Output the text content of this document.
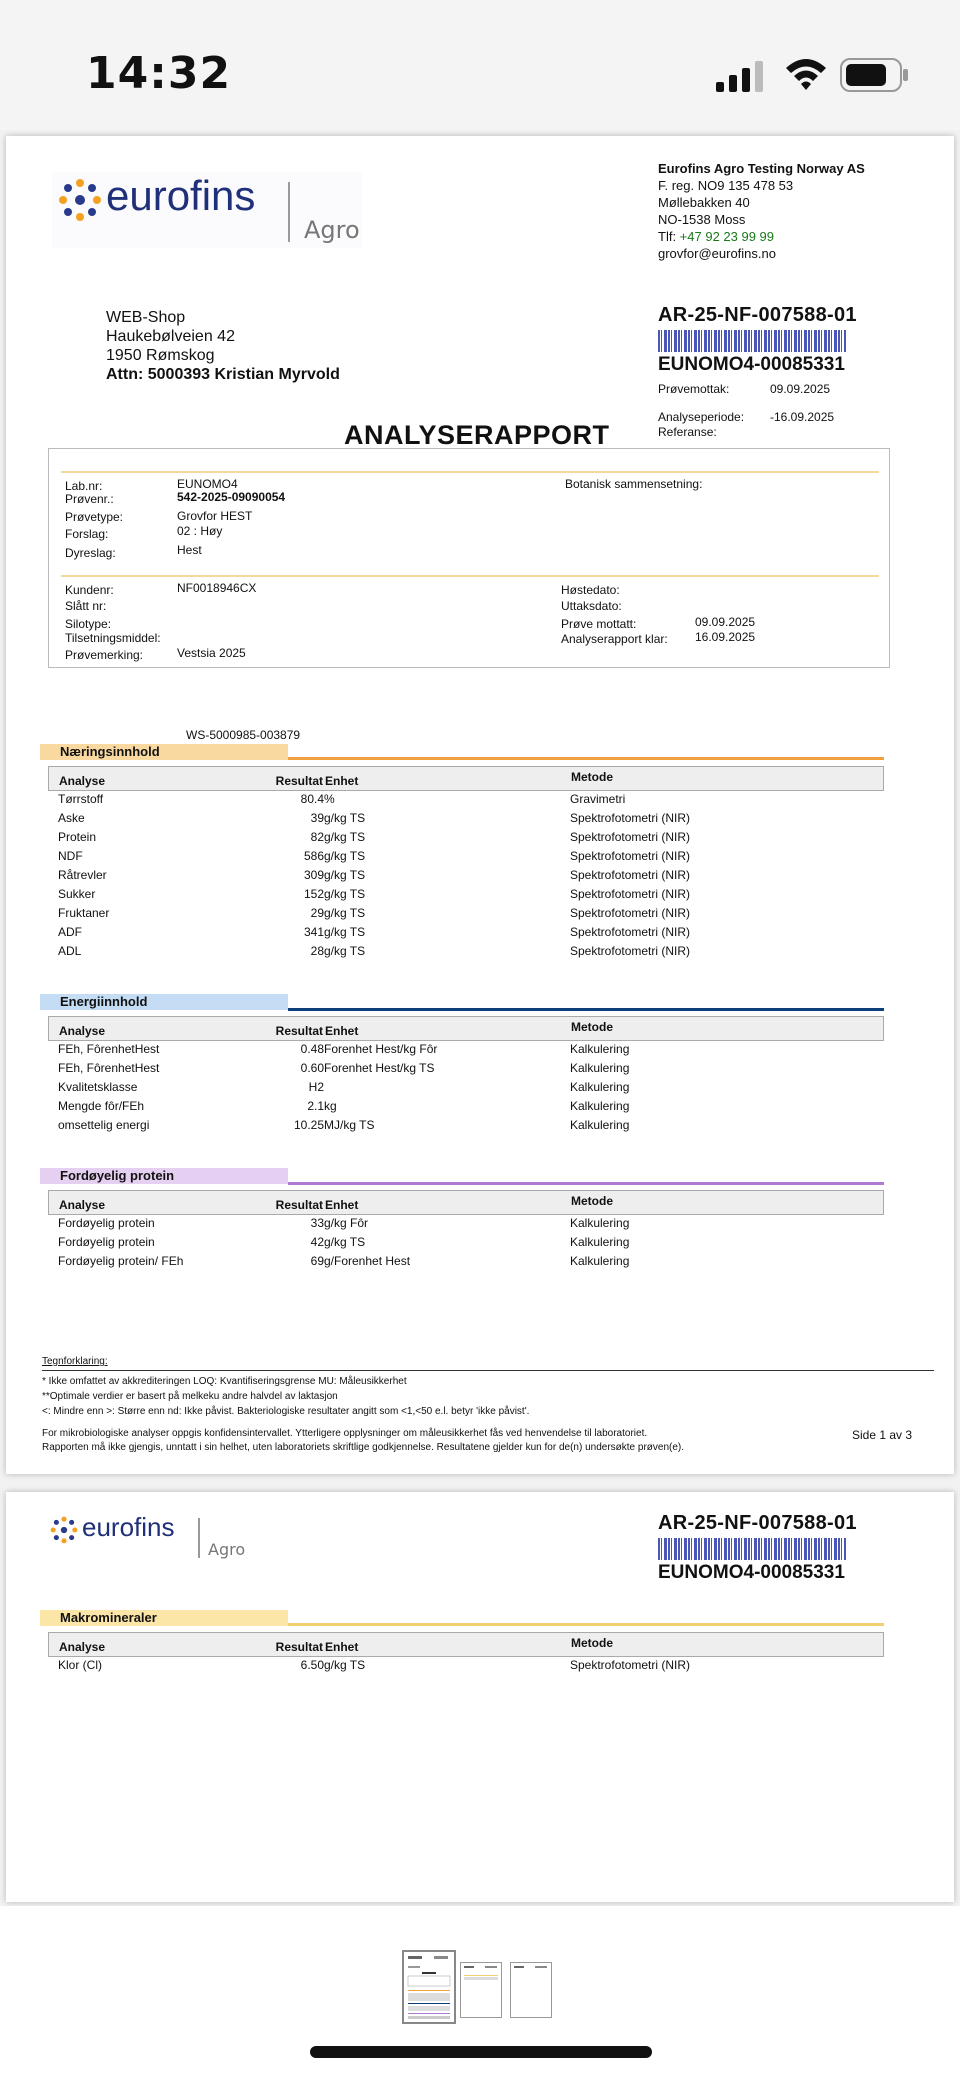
14:32
eurofins
Agro
Eurofins Agro Testing Norway AS
F. reg. NO9 135 478 53
Møllebakken 40
NO-1538 Moss
Tlf: +47 92 23 99 99
grovfor@eurofins.no
WEB-Shop
Haukebølveien 42
1950 Rømskog
Attn: 5000393 Kristian Myrvold
AR-25-NF-007588-01
EUNOMO4-00085331
Prøvemottak:	09.09.2025
Analyseperiode: -16.09.2025
Referanse:
ANALYSERAPPORT
Lab.nr:	EUNOMO4
Prøvenr.:	542-2025-09090054
Prøvetype:	Grovfor HEST
Forslag:	02 : Høy
Dyreslag:	Hest
Botanisk sammensetning:
Kundenr:	NF0018946CX
Slått nr:
Silotype:
Tilsetningsmiddel:
Prøvemerking:	Vestsia 2025
Høstedato:
Uttaksdato:
Prøve mottatt:	09.09.2025
Analyserapport klar: 16.09.2025
WS-5000985-003879
Næringsinnhold
Analyse	Resultat Enhet	Metode
Tørrstoff	80.4 %	Gravimetri
Aske	39 g/kg TS	Spektrofotometri (NIR)
Protein	82 g/kg TS	Spektrofotometri (NIR)
NDF	586 g/kg TS	Spektrofotometri (NIR)
Råtrevler	309 g/kg TS	Spektrofotometri (NIR)
Sukker	152 g/kg TS	Spektrofotometri (NIR)
Fruktaner	29 g/kg TS	Spektrofotometri (NIR)
ADF	341 g/kg TS	Spektrofotometri (NIR)
ADL	28 g/kg TS	Spektrofotometri (NIR)
Energiinnhold
Analyse	Resultat Enhet	Metode
FEh, FôrenhetHest	0.48 Forenhet Hest/kg Fôr	Kalkulering
FEh, FôrenhetHest	0.60 Forenhet Hest/kg TS	Kalkulering
Kvalitetsklasse	H2	Kalkulering
Mengde fôr/FEh	2.1 kg	Kalkulering
omsettelig energi	10.25 MJ/kg TS	Kalkulering
Fordøyelig protein
Analyse	Resultat Enhet	Metode
Fordøyelig protein	33 g/kg Fôr	Kalkulering
Fordøyelig protein	42 g/kg TS	Kalkulering
Fordøyelig protein/ FEh	69 g/Forenhet Hest	Kalkulering
Tegnforklaring:
* Ikke omfattet av akkrediteringen LOQ: Kvantifiseringsgrense MU: Måleusikkerhet
**Optimale verdier er basert på melkeku andre halvdel av laktasjon
<: Mindre enn >: Større enn nd: Ikke påvist. Bakteriologiske resultater angitt som <1,<50 e.l. betyr 'ikke påvist'.
For mikrobiologiske analyser oppgis konfidensintervallet. Ytterligere opplysninger om måleusikkerhet fås ved henvendelse til laboratoriet.
Rapporten må ikke gjengis, unntatt i sin helhet, uten laboratoriets skriftlige godkjennelse. Resultatene gjelder kun for de(n) undersøkte prøven(e).
Side 1 av 3
eurofins
Agro
AR-25-NF-007588-01
EUNOMO4-00085331
Makromineraler
Analyse	Resultat Enhet	Metode
Klor (Cl)	6.50 g/kg TS	Spektrofotometri (NIR)
